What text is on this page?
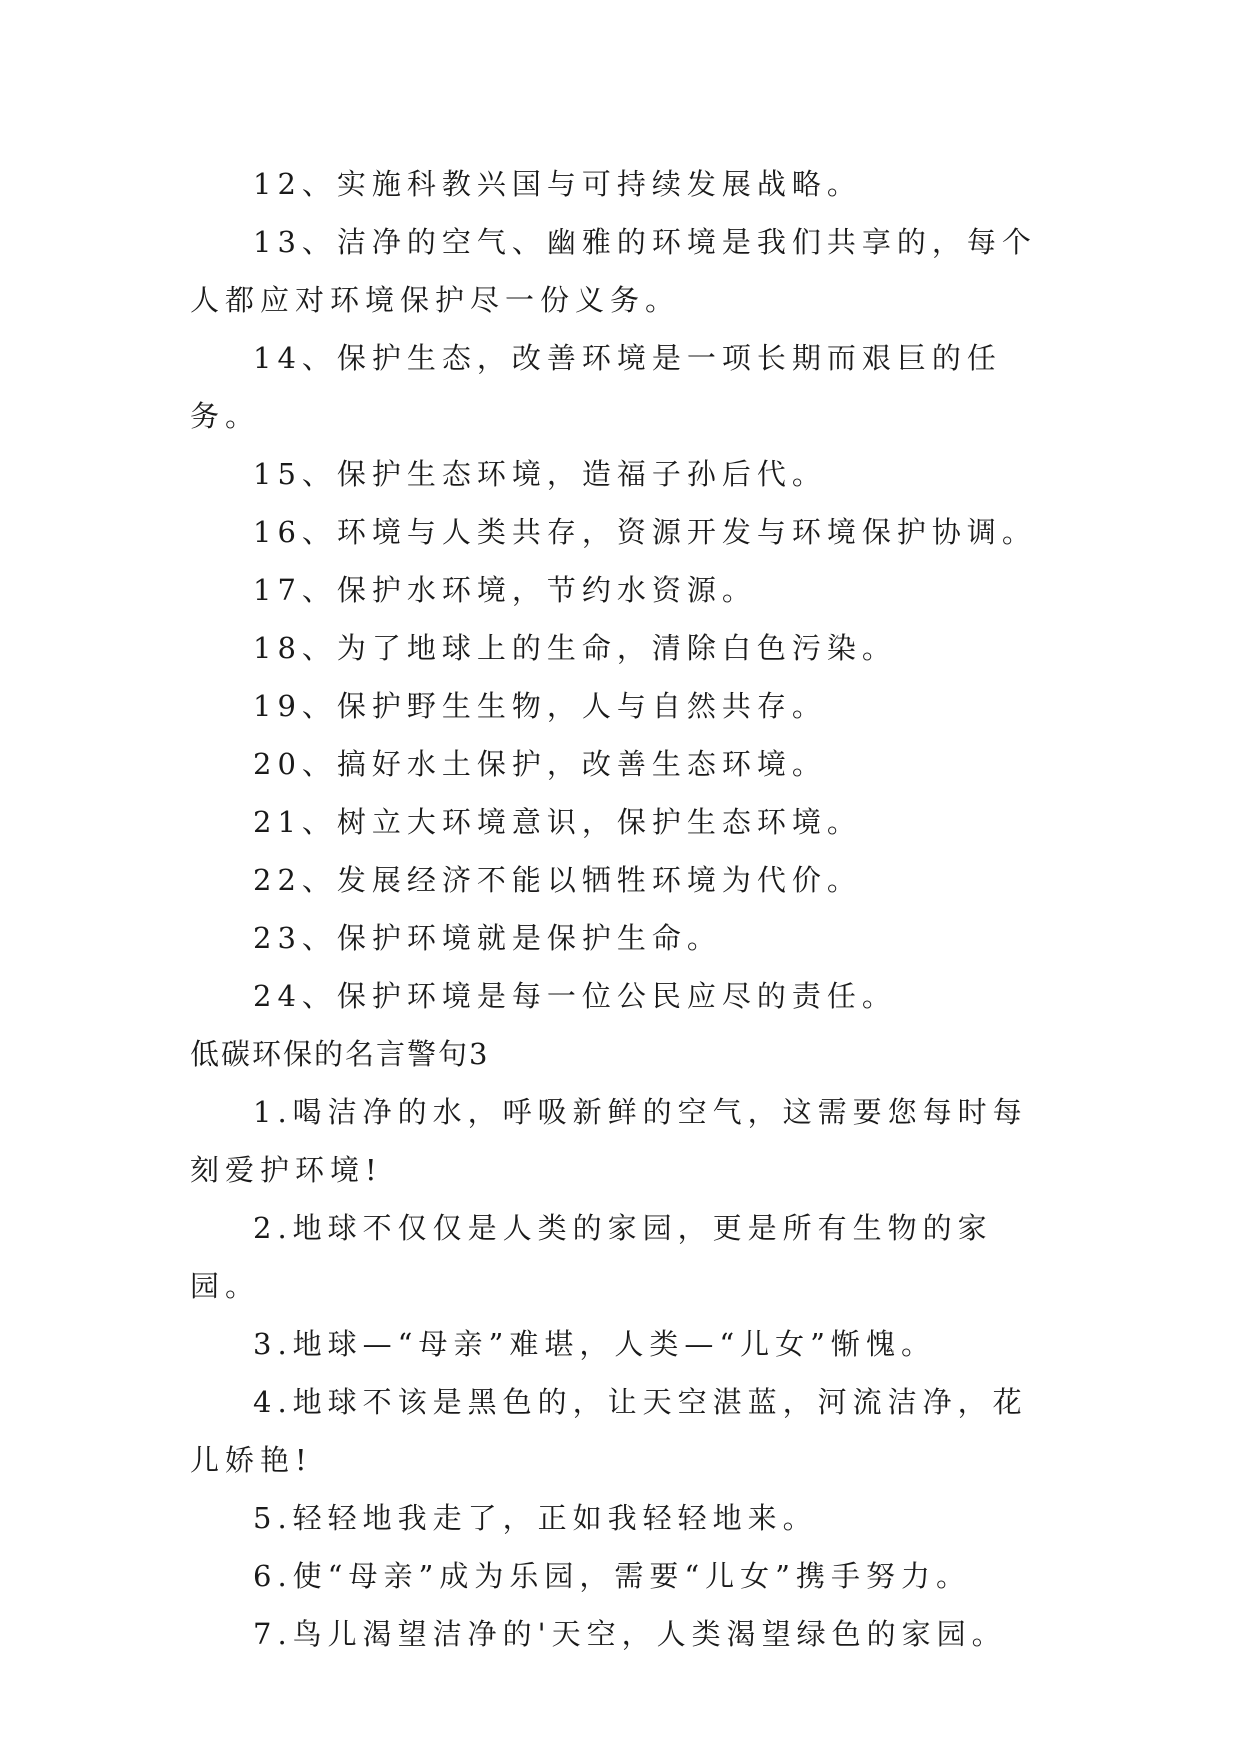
12、实施科教兴国与可持续发展战略。

13、洁净的空气、幽雅的环境是我们共享的，每个人都应对环境保护尽一份义务。

14、保护生态，改善环境是一项长期而艰巨的任务。

15、保护生态环境，造福子孙后代。

16、环境与人类共存，资源开发与环境保护协调。

17、保护水环境，节约水资源。

18、为了地球上的生命，清除白色污染。

19、保护野生生物，人与自然共存。

20、搞好水土保护，改善生态环境。

21、树立大环境意识，保护生态环境。

22、发展经济不能以牺牲环境为代价。

23、保护环境就是保护生命。

24、保护环境是每一位公民应尽的责任。

低碳环保的名言警句3

1.喝洁净的水，呼吸新鲜的空气，这需要您每时每刻爱护环境!

2.地球不仅仅是人类的家园，更是所有生物的家园。

3.地球—“母亲”难堪，人类—“儿女”惭愧。

4.地球不该是黑色的，让天空湛蓝，河流洁净，花儿娇艳!

5.轻轻地我走了，正如我轻轻地来。

6.使“母亲”成为乐园，需要“儿女”携手努力。

7.鸟儿渴望洁净的'天空，人类渴望绿色的家园。
